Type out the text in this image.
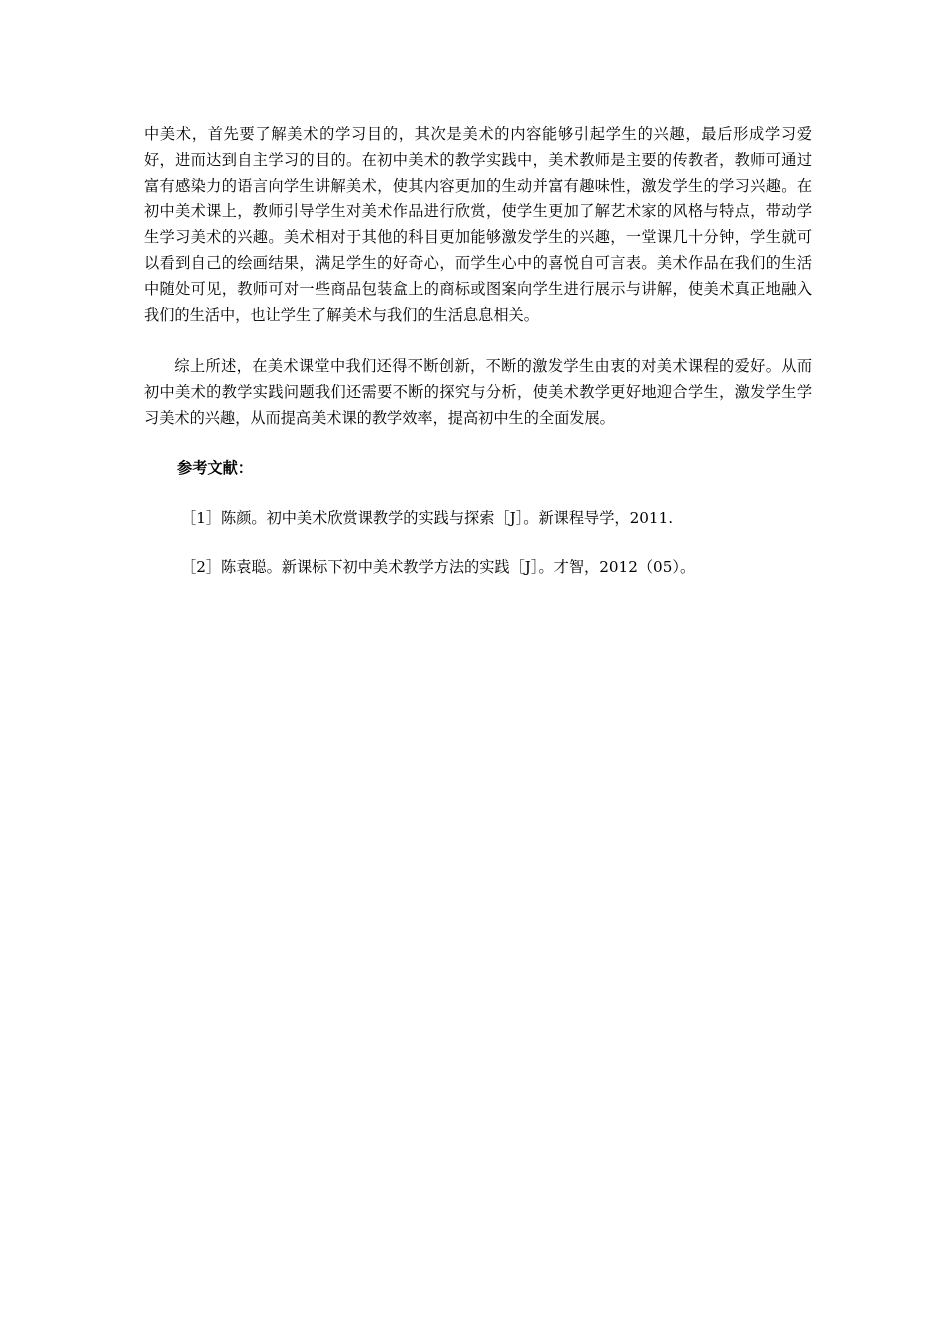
中美术，首先要了解美术的学习目的，其次是美术的内容能够引起学生的兴趣，最后形成学习爱好，进而达到自主学习的目的。在初中美术的教学实践中，美术教师是主要的传教者，教师可通过富有感染力的语言向学生讲解美术，使其内容更加的生动并富有趣味性，激发学生的学习兴趣。在初中美术课上，教师引导学生对美术作品进行欣赏，使学生更加了解艺术家的风格与特点，带动学生学习美术的兴趣。美术相对于其他的科目更加能够激发学生的兴趣，一堂课几十分钟，学生就可以看到自己的绘画结果，满足学生的好奇心，而学生心中的喜悦自可言表。美术作品在我们的生活中随处可见，教师可对一些商品包装盒上的商标或图案向学生进行展示与讲解，使美术真正地融入我们的生活中，也让学生了解美术与我们的生活息息相关。

综上所述，在美术课堂中我们还得不断创新，不断的激发学生由衷的对美术课程的爱好。从而初中美术的教学实践问题我们还需要不断的探究与分析，使美术教学更好地迎合学生，激发学生学习美术的兴趣，从而提高美术课的教学效率，提高初中生的全面发展。

参考文献：

［1］陈颜。初中美术欣赏课教学的实践与探索［J］。新课程导学，2011.

［2］陈袁聪。新课标下初中美术教学方法的实践［J］。才智，2012（05）。
